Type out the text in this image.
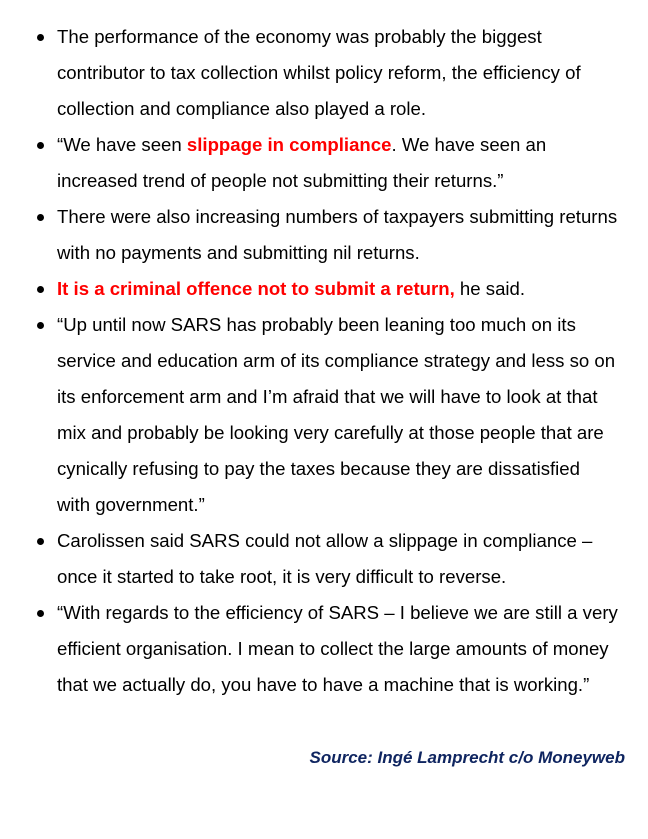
The performance of the economy was probably the biggest contributor to tax collection whilst policy reform, the efficiency of collection and compliance also played a role.
“We have seen slippage in compliance. We have seen an increased trend of people not submitting their returns.”
There were also increasing numbers of taxpayers submitting returns with no payments and submitting nil returns.
It is a criminal offence not to submit a return, he said.
“Up until now SARS has probably been leaning too much on its service and education arm of its compliance strategy and less so on its enforcement arm and I’m afraid that we will have to look at that mix and probably be looking very carefully at those people that are cynically refusing to pay the taxes because they are dissatisfied with government.”
Carolissen said SARS could not allow a slippage in compliance – once it started to take root, it is very difficult to reverse.
“With regards to the efficiency of SARS – I believe we are still a very efficient organisation. I mean to collect the large amounts of money that we actually do, you have to have a machine that is working.”
Source: Ingé Lamprecht c/o Moneyweb
